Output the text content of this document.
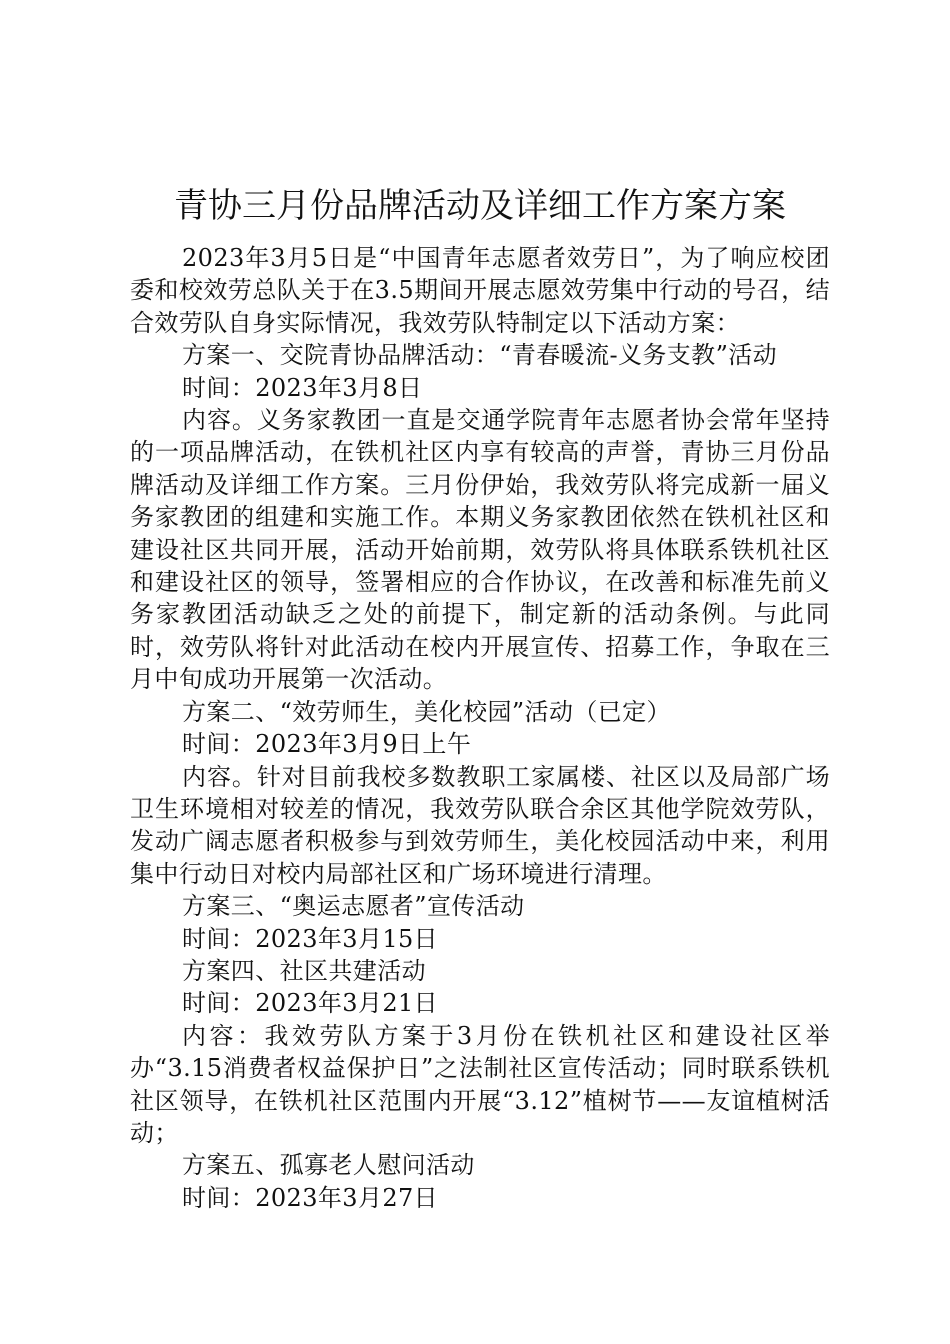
青协三月份品牌活动及详细工作方案方案

2023年3月5日是“中国青年志愿者效劳日”，为了响应校团委和校效劳总队关于在3.5期间开展志愿效劳集中行动的号召，结合效劳队自身实际情况，我效劳队特制定以下活动方案：

方案一、交院青协品牌活动：“青春暖流-义务支教”活动

时间：2023年3月8日

内容。义务家教团一直是交通学院青年志愿者协会常年坚持的一项品牌活动，在铁机社区内享有较高的声誉，青协三月份品牌活动及详细工作方案。三月份伊始，我效劳队将完成新一届义务家教团的组建和实施工作。本期义务家教团依然在铁机社区和建设社区共同开展，活动开始前期，效劳队将具体联系铁机社区和建设社区的领导，签署相应的合作协议，在改善和标准先前义务家教团活动缺乏之处的前提下，制定新的活动条例。与此同时，效劳队将针对此活动在校内开展宣传、招募工作，争取在三月中旬成功开展第一次活动。

方案二、“效劳师生，美化校园”活动（已定）

时间：2023年3月9日上午

内容。针对目前我校多数教职工家属楼、社区以及局部广场卫生环境相对较差的情况，我效劳队联合余区其他学院效劳队，发动广阔志愿者积极参与到效劳师生，美化校园活动中来，利用集中行动日对校内局部社区和广场环境进行清理。

方案三、“奥运志愿者”宣传活动

时间：2023年3月15日

方案四、社区共建活动

时间：2023年3月21日

内容：我效劳队方案于3月份在铁机社区和建设社区举办“3.15消费者权益保护日”之法制社区宣传活动；同时联系铁机社区领导，在铁机社区范围内开展“3.12”植树节——友谊植树活动；

方案五、孤寡老人慰问活动

时间：2023年3月27日
